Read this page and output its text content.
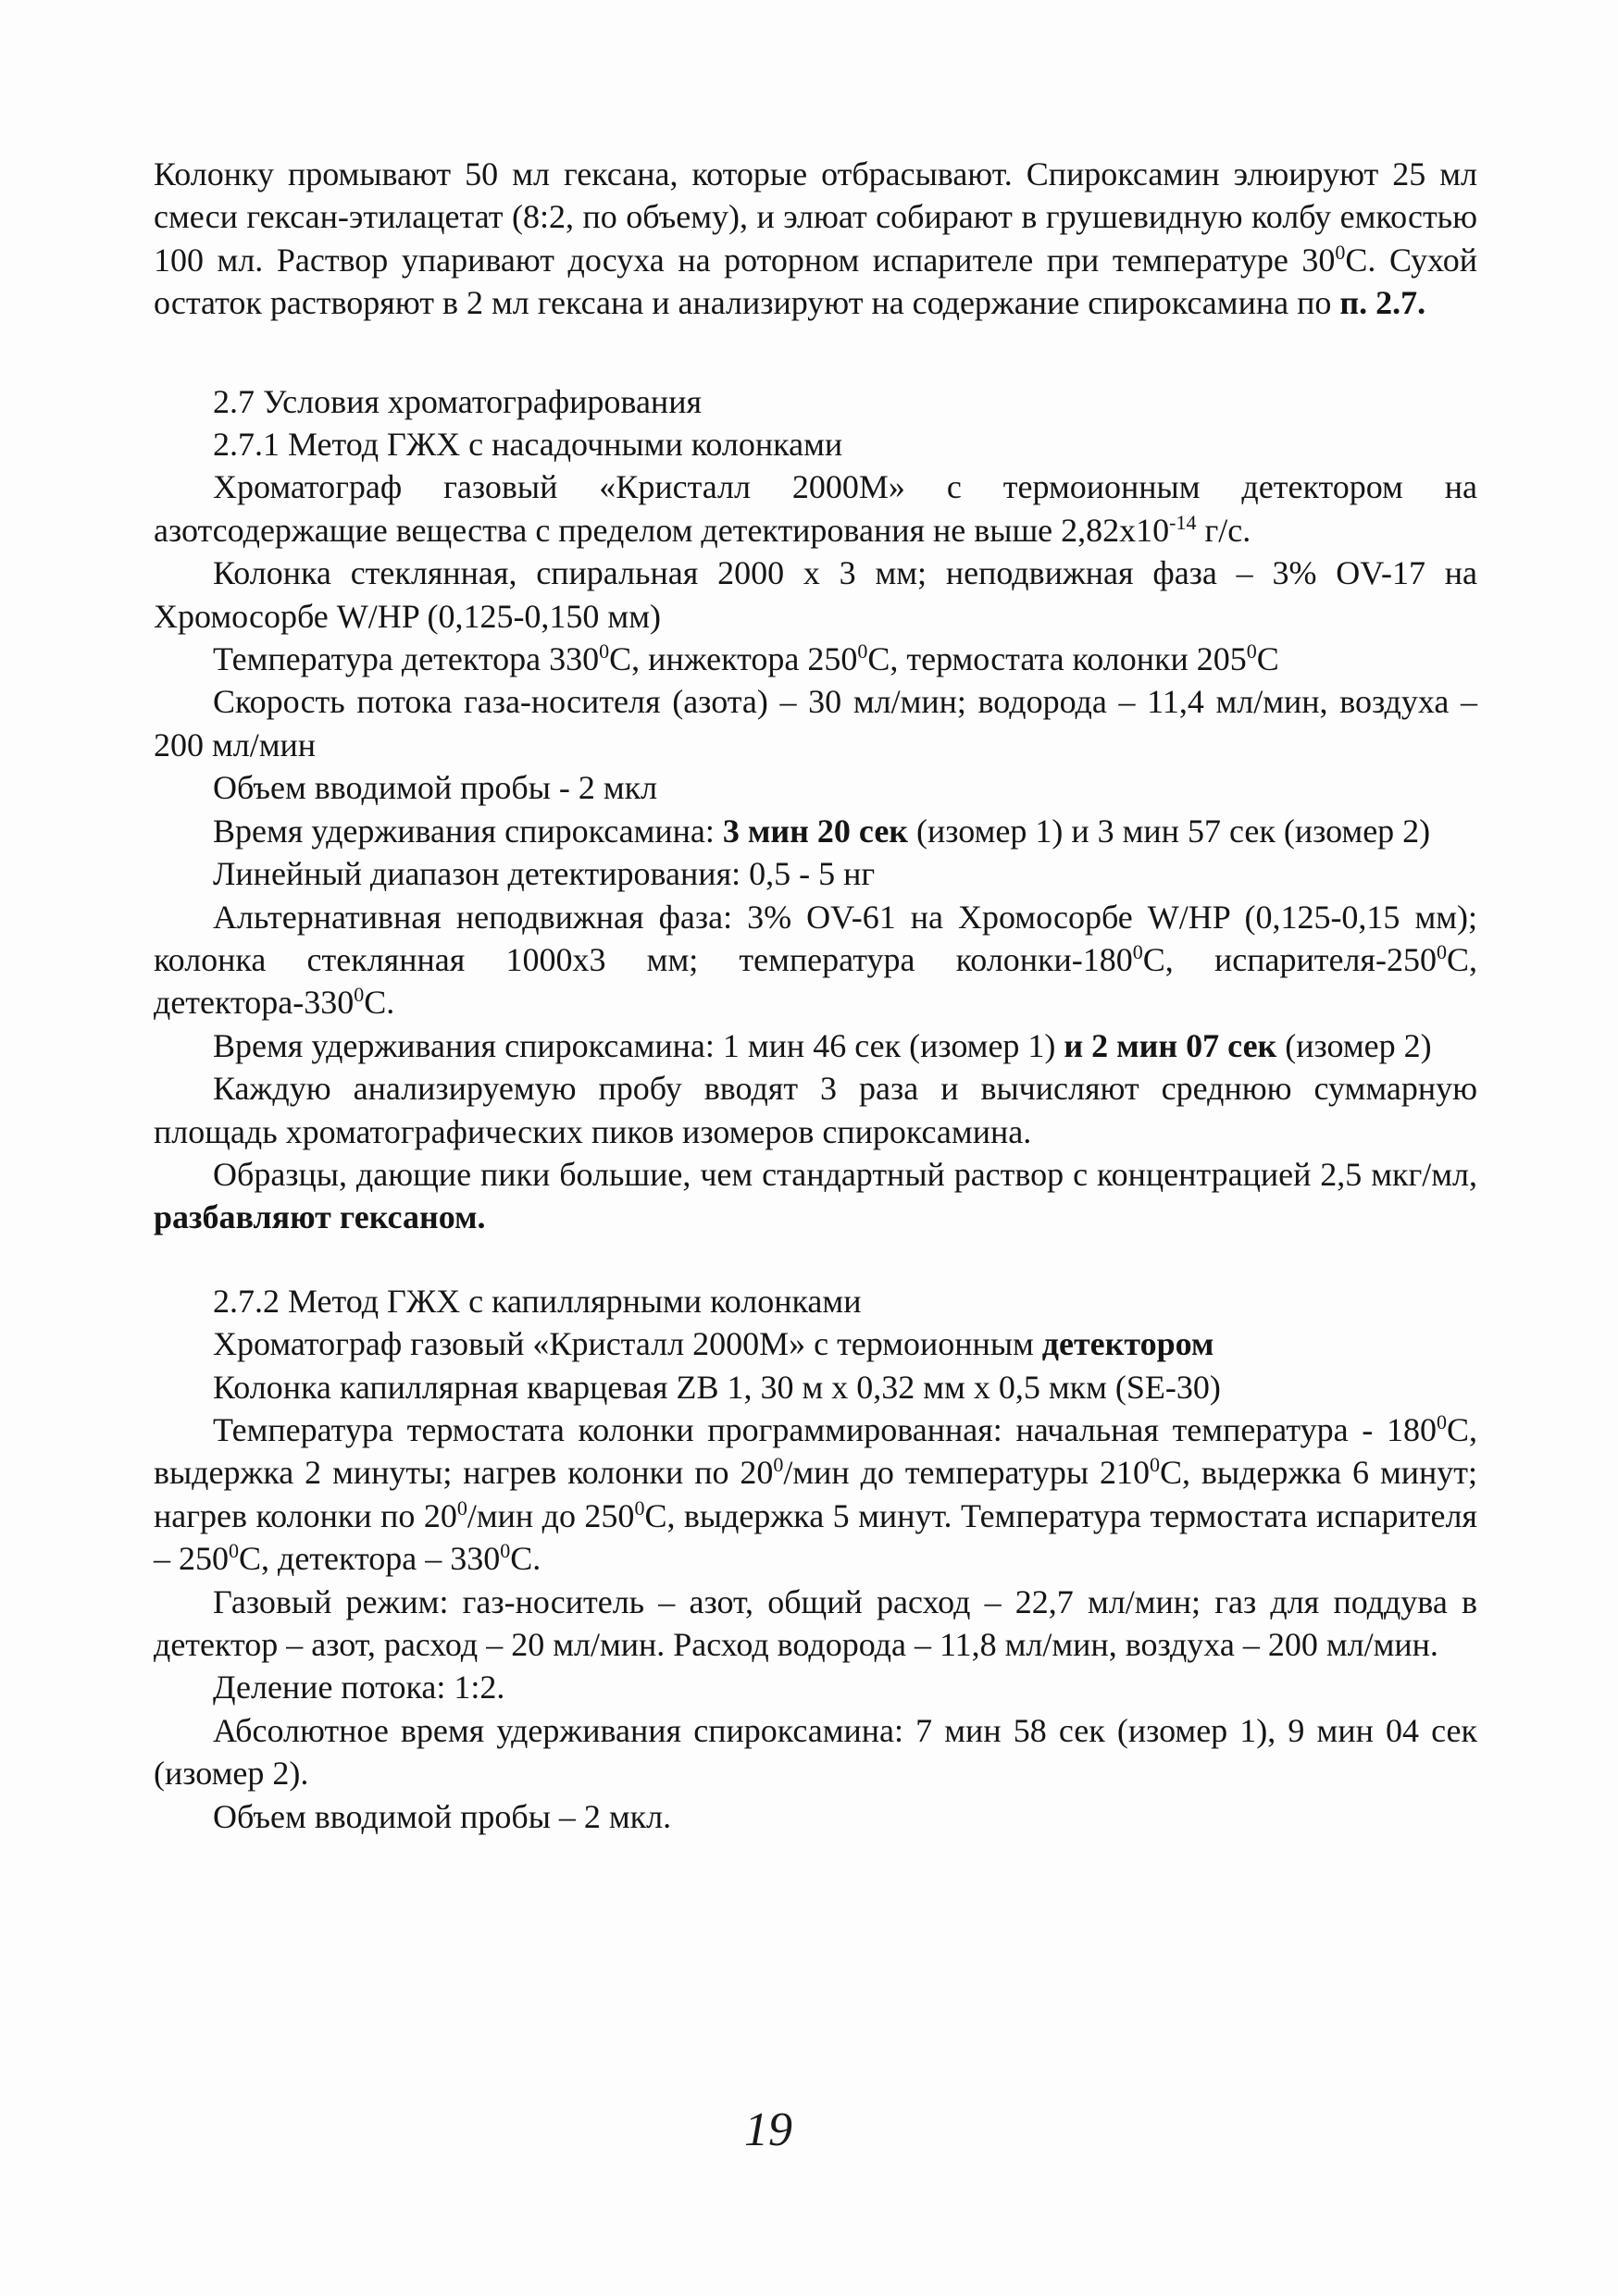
Колонку промывают 50 мл гексана, которые отбрасывают. Спироксамин элюируют 25 мл смеси гексан-этилацетат (8:2, по объему), и элюат собирают в грушевидную колбу емкостью 100 мл. Раствор упаривают досуха на роторном испарителе при температуре $30^0С$. Сухой остаток растворяют в 2 мл гексана и анализируют на содержание спироксамина по п. 2.7.

2.7 Условия хроматографирования

2.7.1 Метод ГЖХ с насадочными колонками

Хроматограф газовый «Кристалл 2000М» с термоионным детектором на азотсодержащие вещества с пределом детектирования не выше $2,82x10^{-14}$ г/с.

Колонка стеклянная, спиральная 2000 x 3 мм; неподвижная фаза – 3% OV-17 на Хромосорбе W/HP (0,125-0,150 мм)

Температура детектора $330^0С$, инжектора $250^0С$, термостата колонки $205^0С$

Скорость потока газа-носителя (азота) – 30 мл/мин; водорода – 11,4 мл/мин, воздуха – 200 мл/мин

Объем вводимой пробы - 2 мкл

Время удерживания спироксамина: 3 мин 20 сек (изомер 1) и 3 мин 57 сек (изомер 2)

Линейный диапазон детектирования: 0,5 - 5 нг

Альтернативная неподвижная фаза: 3% OV-61 на Хромосорбе W/HP (0,125-0,15 мм); колонка стеклянная 1000x3 мм; температура колонки-$180^0С$, испарителя-$250^0С$, детектора-$330^0С$.

Время удерживания спироксамина: 1 мин 46 сек (изомер 1) и 2 мин 07 сек (изомер 2)

Каждую анализируемую пробу вводят 3 раза и вычисляют среднюю суммарную площадь хроматографических пиков изомеров спироксамина.

Образцы, дающие пики большие, чем стандартный раствор с концентрацией 2,5 мкг/мл, разбавляют гексаном.

2.7.2 Метод ГЖХ с капиллярными колонками

Хроматограф газовый «Кристалл 2000М» с термоионным детектором

Колонка капиллярная кварцевая ZB 1, 30 м x 0,32 мм x 0,5 мкм (SE-30)

Температура термостата колонки программированная: начальная температура - $180^0С$, выдержка 2 минуты; нагрев колонки по $20^0$/мин до температуры $210^0С$, выдержка 6 минут; нагрев колонки по $20^0$/мин до $250^0С$, выдержка 5 минут. Температура термостата испарителя – $250^0С$, детектора – $330^0С$.

Газовый режим: газ-носитель – азот, общий расход – 22,7 мл/мин; газ для поддува в детектор – азот, расход – 20 мл/мин. Расход водорода – 11,8 мл/мин, воздуха – 200 мл/мин.

Деление потока: 1:2.

Абсолютное время удерживания спироксамина: 7 мин 58 сек (изомер 1), 9 мин 04 сек (изомер 2).

Объем вводимой пробы – 2 мкл.

19
